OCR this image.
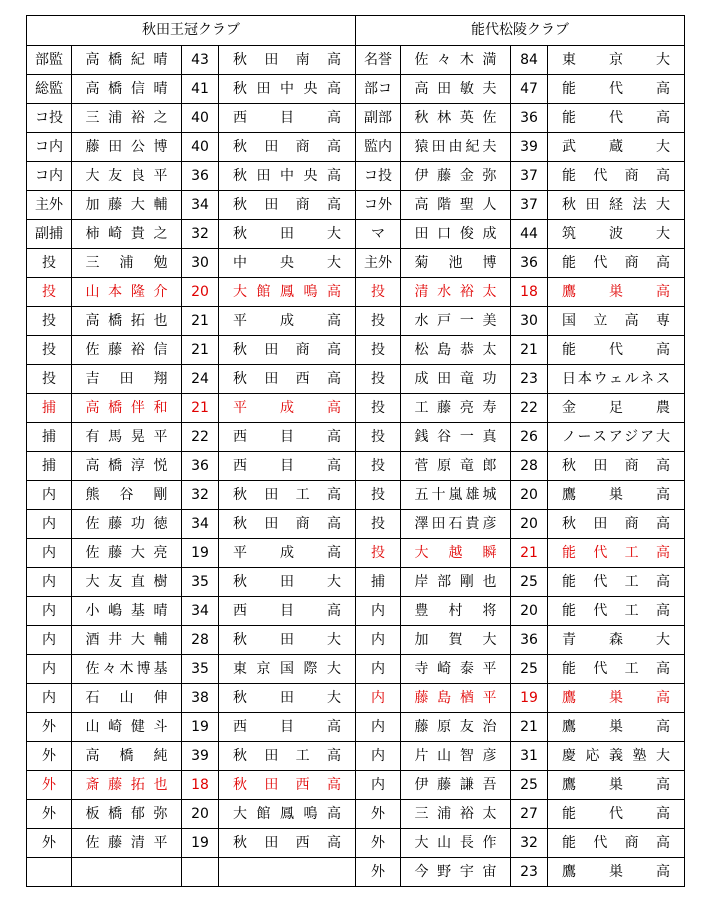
秋田王冠クラブ				能代松陵クラブ			
部監	高橋紀晴	43	秋田南高	名誉	佐々木満	84	東京大
総監	高橋信晴	41	秋田中央高	部コ	高田敏夫	47	能代高
コ投	三浦裕之	40	西目高	副部	秋林英佐	36	能代高
コ内	藤田公博	40	秋田商高	監内	猿田由紀夫	39	武蔵大
コ内	大友良平	36	秋田中央高	コ投	伊藤金弥	37	能代商高
主外	加藤大輔	34	秋田商高	コ外	高階聖人	37	秋田経法大
副捕	柿崎貴之	32	秋田大	マ	田口俊成	44	筑波大
投	三浦勉	30	中央大	主外	菊池博	36	能代商高
投	山本隆介	20	大館鳳鳴高	投	清水裕太	18	鷹巣高
投	高橋拓也	21	平成高	投	水戸一美	30	国立高専
投	佐藤裕信	21	秋田商高	投	松島恭太	21	能代高
投	吉田翔	24	秋田西高	投	成田竜功	23	日本ウェルネス
捕	高橋伴和	21	平成高	投	工藤亮寿	22	金足農
捕	有馬晃平	22	西目高	投	銭谷一真	26	ノースアジア大
捕	高橋淳悦	36	西目高	投	菅原竜郎	28	秋田商高
内	熊谷剛	32	秋田工高	投	五十嵐雄城	20	鷹巣高
内	佐藤功徳	34	秋田商高	投	澤田石貴彦	20	秋田商高
内	佐藤大亮	19	平成高	投	大越瞬	21	能代工高
内	大友直樹	35	秋田大	捕	岸部剛也	25	能代工高
内	小嶋基晴	34	西目高	内	豊村将	20	能代工高
内	酒井大輔	28	秋田大	内	加賀大	36	青森大
内	佐々木博基	35	東京国際大	内	寺崎泰平	25	能代工高
内	石山伸	38	秋田大	内	藤島楢平	19	鷹巣高
外	山崎健斗	19	西目高	内	藤原友治	21	鷹巣高
外	高橋純	39	秋田工高	内	片山智彦	31	慶応義塾大
外	斎藤拓也	18	秋田西高	内	伊藤謙吾	25	鷹巣高
外	板橋郁弥	20	大館鳳鳴高	外	三浦裕太	27	能代高
外	佐藤清平	19	秋田西高	外	大山長作	32	能代商高
				外	今野宇宙	23	鷹巣高
